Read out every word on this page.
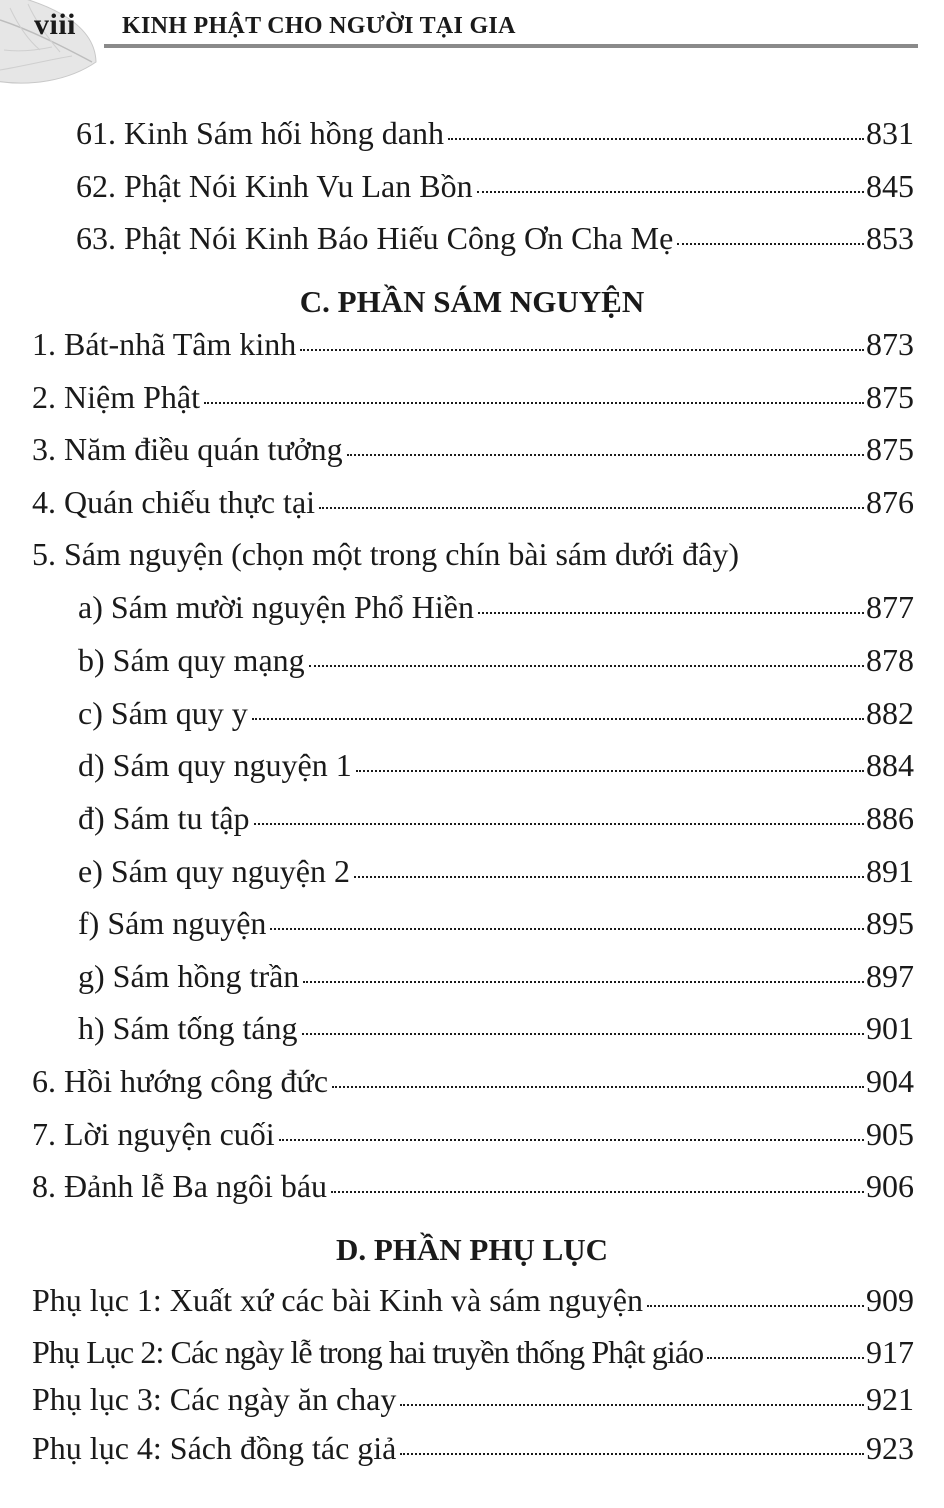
viii KINH PHẬT CHO NGƯỜI TẠI GIA
61. Kinh Sám hối hồng danh	831
62. Phật Nói Kinh Vu Lan Bồn	845
63. Phật Nói Kinh Báo Hiếu Công Ơn Cha Mẹ	853
C. PHẦN SÁM NGUYỆN
1. Bát-nhã Tâm kinh	873
2. Niệm Phật	875
3. Năm điều quán tưởng	875
4. Quán chiếu thực tại	876
5. Sám nguyện (chọn một trong chín bài sám dưới đây)
a) Sám mười nguyện Phổ Hiền	877
b) Sám quy mạng	878
c) Sám quy y	882
d) Sám quy nguyện 1	884
đ) Sám tu tập	886
e) Sám quy nguyện 2	891
f) Sám nguyện	895
g) Sám hồng trần	897
h) Sám tống táng	901
6. Hồi hướng công đức	904
7. Lời nguyện cuối	905
8. Đảnh lễ Ba ngôi báu	906
D. PHẦN PHỤ LỤC
Phụ lục 1: Xuất xứ các bài Kinh và sám nguyện	909
Phụ Lục 2: Các ngày lễ trong hai truyền thống Phật giáo	917
Phụ lục 3: Các ngày ăn chay	921
Phụ lục 4: Sách đồng tác giả	923
